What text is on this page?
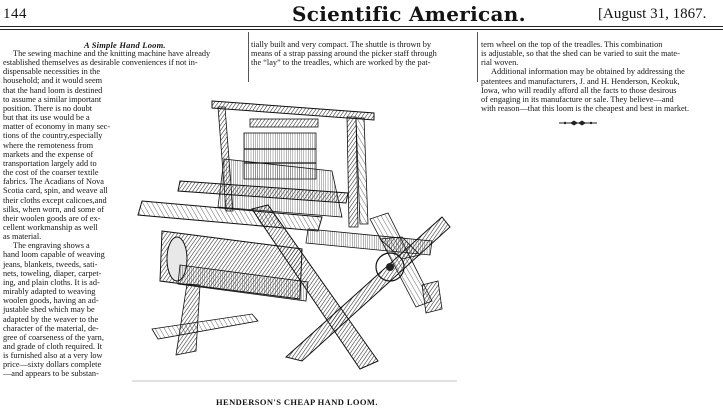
144	Scientific American.	[August 31, 1867.
A Simple Hand Loom.
The sewing machine and the knitting machine have already
established themselves as desirable conveniences if not in-
dispensable necessities in the
household; and it would seem
that the hand loom is destined
to assume a similar important
position. There is no doubt
but that its use would be a
matter of economy in many sec-
tions of the country,especially
where the remoteness from
markets and the expense of
transportation largely add to
the cost of the coarser textile
fabrics. The Acadians of Nova
Scotia card, spin, and weave all
their cloths except calicoes,and
silks, when worn, and some of
their woolen goods are of ex-
cellent workmanship as well
as material.
The engraving shows a
hand loom capable of weaving
jeans, blankets, tweeds, sati-
nets, toweling, diaper, carpet-
ing, and plain cloths. It is ad-
mirably adapted to weaving
woolen goods, having an ad-
justable shed which may be
adapted by the weaver to the
character of the material, de-
gree of coarseness of the yarn,
and grade of cloth required. It
is furnished also at a very low
price—sixty dollars complete
—and appears to be substan-
tially built and very compact. The shuttle is thrown by
means of a strap passing around the picker staff through
the “lay” to the treadles, which are worked by the pat-
tern wheel on the top of the treadles. This combination
is adjustable, so that the shed can be varied to suit the mate-
rial woven.
Additional information may be obtained by addressing the
patentees and manufacturers, J. and H. Henderson, Keokuk,
Iowa, who will readily afford all the facts to those desirous
of engaging in its manufacture or sale. They believe—and
with reason—that this loom is the cheapest and best in market.
HENDERSON'S CHEAP HAND LOOM.
